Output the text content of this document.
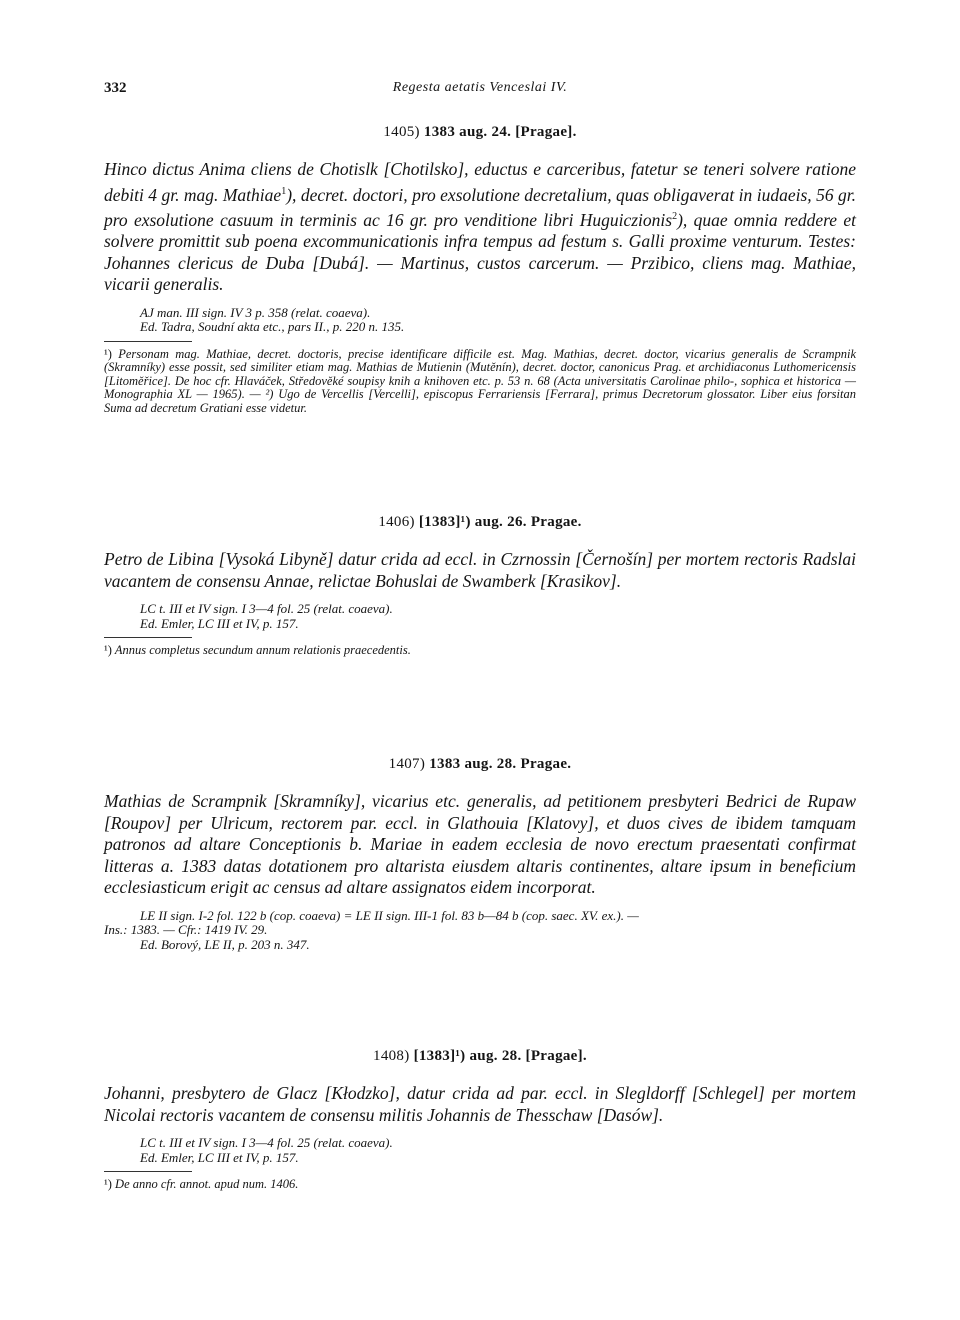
332	Regesta aetatis Venceslai IV.
1405) 1383 aug. 24. [Pragae].

Hinco dictus Anima cliens de Chotislk [Chotilsko], eductus e carceribus, fatetur se teneri solvere ratione debiti 4 gr. mag. Mathiae$^1$), decret. doctori, pro exsolutione decretalium, quas obligaverat in iudaeis, 56 gr. pro exsolutione casuum in terminis ac 16 gr. pro venditione libri Huguiczionis$^2$), quae omnia reddere et solvere promittit sub poena excommunicationis infra tempus ad festum s. Galli proxime venturum. Testes: Johannes clericus de Duba [Dubá]. — Martinus, custos carcerum. — Przibico, cliens mag. Mathiae, vicarii generalis.

AJ man. III sign. IV 3 p. 358 (relat. coaeva).
Ed. Tadra, Soudní akta etc., pars II., p. 220 n. 135.

¹) Personam mag. Mathiae, decret. doctoris, precise identificare difficile est. Mag. Mathias, decret. doctor, vicarius generalis de Scrampnik (Skramníky) esse possit, sed similiter etiam mag. Mathias de Mutienin (Mutěnín), decret. doctor, canonicus Prag. et archidiaconus Luthomericensis [Litoměřice]. De hoc cfr. Hlaváček, Středověké soupisy knih a knihoven etc. p. 53 n. 68 (Acta universitatis Carolinae philo-, sophica et historica — Monographia XL — 1965). — ²) Ugo de Vercellis [Vercelli], episcopus Ferrariensis [Ferrara], primus Decretorum glossator. Liber eius forsitan Suma ad decretum Gratiani esse videtur.

1406) [1383]¹) aug. 26. Pragae.

Petro de Libina [Vysoká Libyně] datur crida ad eccl. in Czrnossin [Černošín] per mortem rectoris Radslai vacantem de consensu Annae, relictae Bohuslai de Swamberk [Krasikov].

LC t. III et IV sign. I 3—4 fol. 25 (relat. coaeva).
Ed. Emler, LC III et IV, p. 157.

¹) Annus completus secundum annum relationis praecedentis.

1407) 1383 aug. 28. Pragae.

Mathias de Scrampnik [Skramníky], vicarius etc. generalis, ad petitionem presbyteri Bedrici de Rupaw [Roupov] per Ulricum, rectorem par. eccl. in Glathouia [Klatovy], et duos cives de ibidem tamquam patronos ad altare Conceptionis b. Mariae in eadem ecclesia de novo erectum praesentati confirmat litteras a. 1383 datas dotationem pro altarista eiusdem altaris continentes, altare ipsum in beneficium ecclesiasticum erigit ac census ad altare assignatos eidem incorporat.

LE II sign. I-2 fol. 122 b (cop. coaeva) = LE II sign. III-1 fol. 83 b—84 b (cop. saec. XV. ex.). —
Ins.: 1383. — Cfr.: 1419 IV. 29.
Ed. Borový, LE II, p. 203 n. 347.
1408) [1383]¹) aug. 28. [Pragae].

Johanni, presbytero de Glacz [Kłodzko], datur crida ad par. eccl. in Slegldorff [Schlegel] per mortem Nicolai rectoris vacantem de consensu militis Johannis de Thesschaw [Dasów].

LC t. III et IV sign. I 3—4 fol. 25 (relat. coaeva).
Ed. Emler, LC III et IV, p. 157.

¹) De anno cfr. annot. apud num. 1406.
